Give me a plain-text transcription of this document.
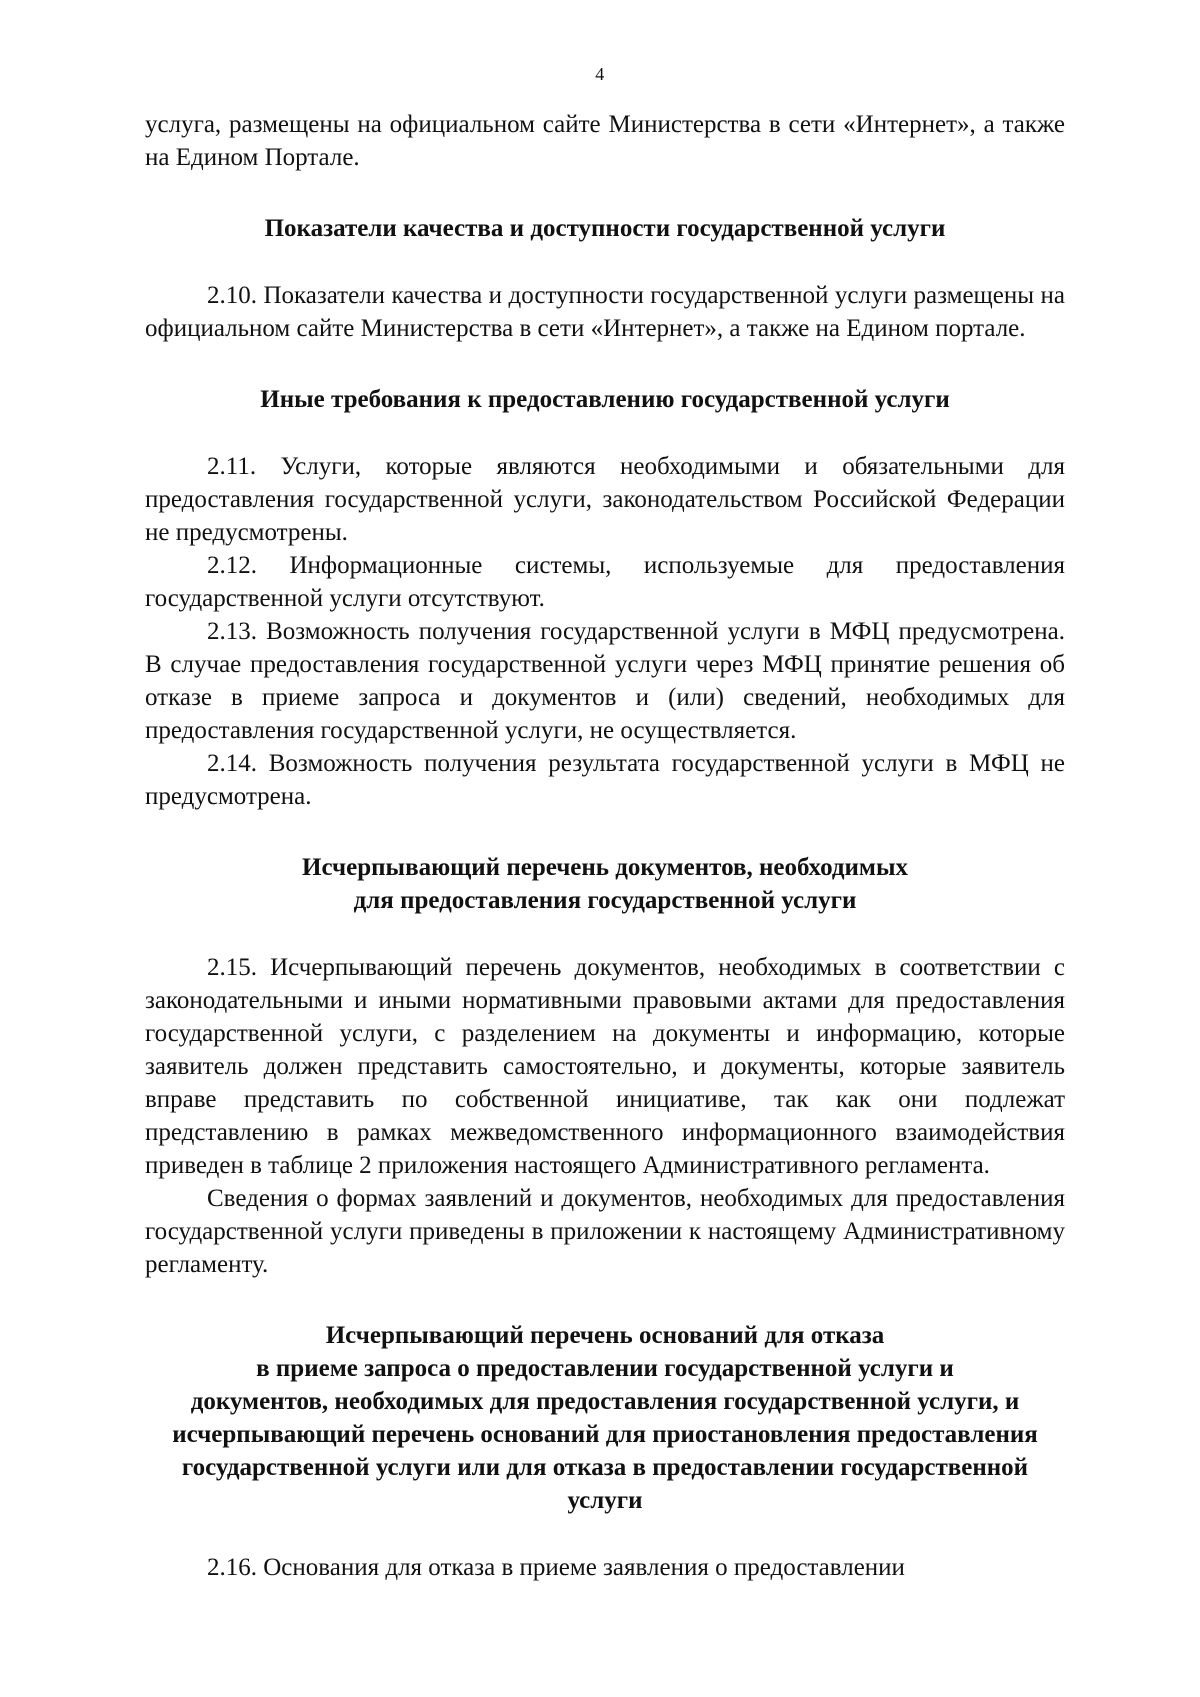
4

услуга, размещены на официальном сайте Министерства в сети «Интернет», а также на Едином Портале.

Показатели качества и доступности государственной услуги

2.10. Показатели качества и доступности государственной услуги размещены на официальном сайте Министерства в сети «Интернет», а также на Едином портале.

Иные требования к предоставлению государственной услуги

2.11. Услуги, которые являются необходимыми и обязательными для предоставления государственной услуги, законодательством Российской Федерации не предусмотрены.

2.12. Информационные системы, используемые для предоставления государственной услуги отсутствуют.

2.13. Возможность получения государственной услуги в МФЦ предусмотрена. В случае предоставления государственной услуги через МФЦ принятие решения об отказе в приеме запроса и документов и (или) сведений, необходимых для предоставления государственной услуги, не осуществляется.

2.14. Возможность получения результата государственной услуги в МФЦ не предусмотрена.

Исчерпывающий перечень документов, необходимых
для предоставления государственной услуги

2.15. Исчерпывающий перечень документов, необходимых в соответствии с законодательными и иными нормативными правовыми актами для предоставления государственной услуги, с разделением на документы и информацию, которые заявитель должен представить самостоятельно, и документы, которые заявитель вправе представить по собственной инициативе, так как они подлежат представлению в рамках межведомственного информационного взаимодействия приведен в таблице 2 приложения настоящего Административного регламента.

Сведения о формах заявлений и документов, необходимых для предоставления государственной услуги приведены в приложении к настоящему Административному регламенту.

Исчерпывающий перечень оснований для отказа
в приеме запроса о предоставлении государственной услуги и
документов, необходимых для предоставления государственной услуги, и
исчерпывающий перечень оснований для приостановления предоставления
государственной услуги или для отказа в предоставлении государственной
услуги

2.16. Основания для отказа в приеме заявления о предоставлении
